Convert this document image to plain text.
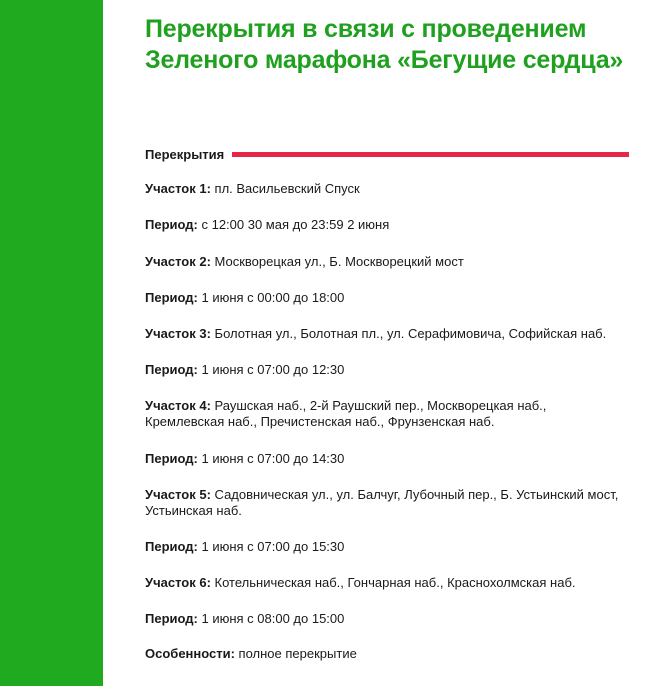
Перекрытия в связи с проведением Зеленого марафона «Бегущие сердца»
Перекрытия
Участок 1: пл. Васильевский Спуск
Период: с 12:00 30 мая до 23:59 2 июня
Участок 2: Москворецкая ул., Б. Москворецкий мост
Период: 1 июня с 00:00 до 18:00
Участок 3: Болотная ул., Болотная пл., ул. Серафимовича, Софийская наб.
Период: 1 июня с 07:00 до 12:30
Участок 4: Раушская наб., 2-й Раушский пер., Москворецкая наб., Кремлевская наб., Пречистенская наб., Фрунзенская наб.
Период: 1 июня с 07:00 до 14:30
Участок 5: Садовническая ул., ул. Балчуг, Лубочный пер., Б. Устьинский мост, Устьинская наб.
Период: 1 июня с 07:00 до 15:30
Участок 6: Котельническая наб., Гончарная наб., Краснохолмская наб.
Период: 1 июня с 08:00 до 15:00
Особенности: полное перекрытие
